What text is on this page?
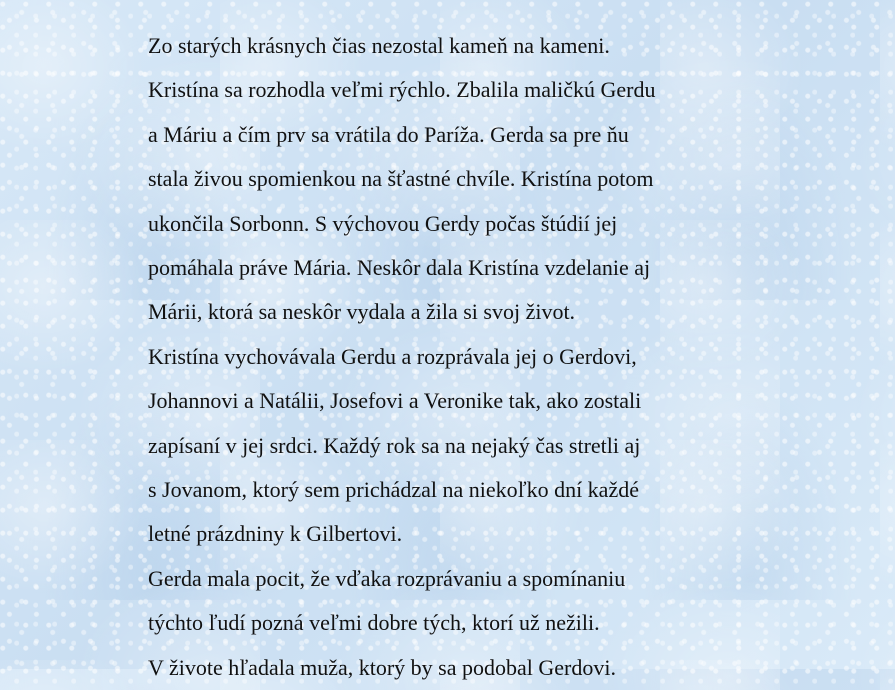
Zo starých krásnych čias nezostal kameň na kameni.

Kristína sa rozhodla veľmi rýchlo. Zbalila maličkú Gerdu

a Máriu a čím prv sa vrátila do Paríža. Gerda sa pre ňu

stala živou spomienkou na šťastné chvíle. Kristína potom

ukončila Sorbonn. S výchovou Gerdy počas štúdií jej

pomáhala práve Mária. Neskôr dala Kristína vzdelanie aj

Márii, ktorá sa neskôr vydala a žila si svoj život.

Kristína vychovávala Gerdu a rozprávala jej o Gerdovi,

Johannovi a Natálii, Josefovi a Veronike tak, ako zostali

zapísaní v jej srdci. Každý rok sa na nejaký čas stretli aj

s Jovanom, ktorý sem prichádzal na niekoľko dní každé

letné prázdniny k Gilbertovi.

Gerda mala pocit, že vďaka rozprávaniu a spomínaniu

týchto ľudí pozná veľmi dobre tých, ktorí už nežili.

V živote hľadala muža, ktorý by sa podobal Gerdovi.
